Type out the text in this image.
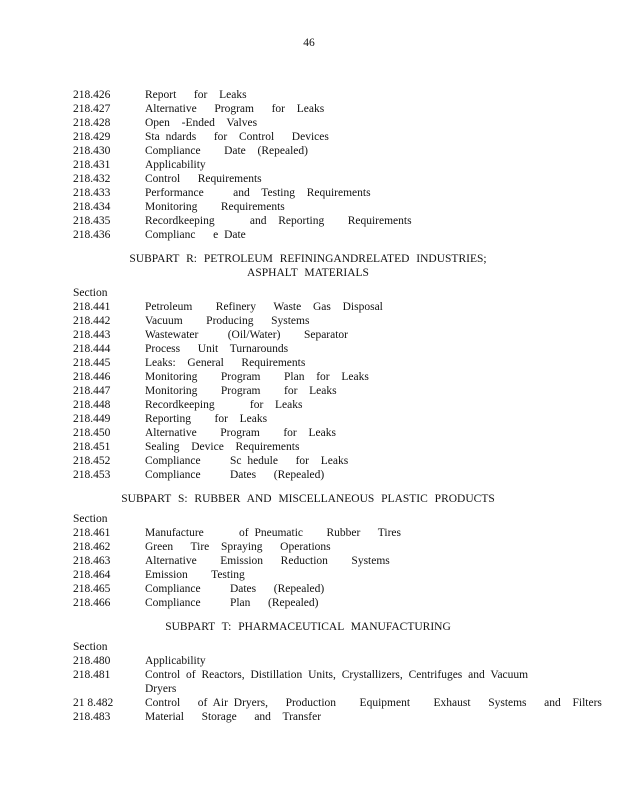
46
218.426	Report   for  Leaks
218.427	Alternative   Program   for  Leaks
218.428	Open  -Ended  Valves
218.429	Sta ndards   for  Control   Devices
218.430	Compliance    Date  (Repealed)
218.431	Applicability
218.432	Control   Requirements
218.433	Performance     and  Testing  Requirements
218.434	Monitoring    Requirements
218.435	Recordkeeping      and  Reporting    Requirements
218.436	Complianc   e Date
SUBPART R: PETROLEUM REFININGANDRELATED INDUSTRIES;
ASPHALT MATERIALS
Section
218.441	Petroleum    Refinery   Waste  Gas  Disposal
218.442	Vacuum    Producing   Systems
218.443	Wastewater     (Oil/Water)    Separator
218.444	Process   Unit  Turnarounds
218.445	Leaks:  General   Requirements
218.446	Monitoring    Program    Plan  for  Leaks
218.447	Monitoring    Program    for  Leaks
218.448	Recordkeeping      for  Leaks
218.449	Reporting    for  Leaks
218.450	Alternative    Program    for  Leaks
218.451	Sealing  Device  Requirements
218.452	Compliance     Sc hedule   for  Leaks
218.453	Compliance     Dates   (Repealed)
SUBPART S: RUBBER AND MISCELLANEOUS PLASTIC PRODUCTS
Section
218.461	Manufacture      of Pneumatic    Rubber   Tires
218.462	Green   Tire  Spraying   Operations
218.463	Alternative    Emission   Reduction    Systems
218.464	Emission    Testing
218.465	Compliance     Dates   (Repealed)
218.466	Compliance     Plan   (Repealed)
SUBPART T: PHARMACEUTICAL MANUFACTURING
Section
218.480	Applicability
218.481	Control of Reactors, Distillation Units, Crystallizers, Centrifuges and Vacuum Dryers
21 8.482	Control   of Air Dryers,   Production    Equipment    Exhaust   Systems   and  Filters
218.483	Material   Storage   and  Transfer
